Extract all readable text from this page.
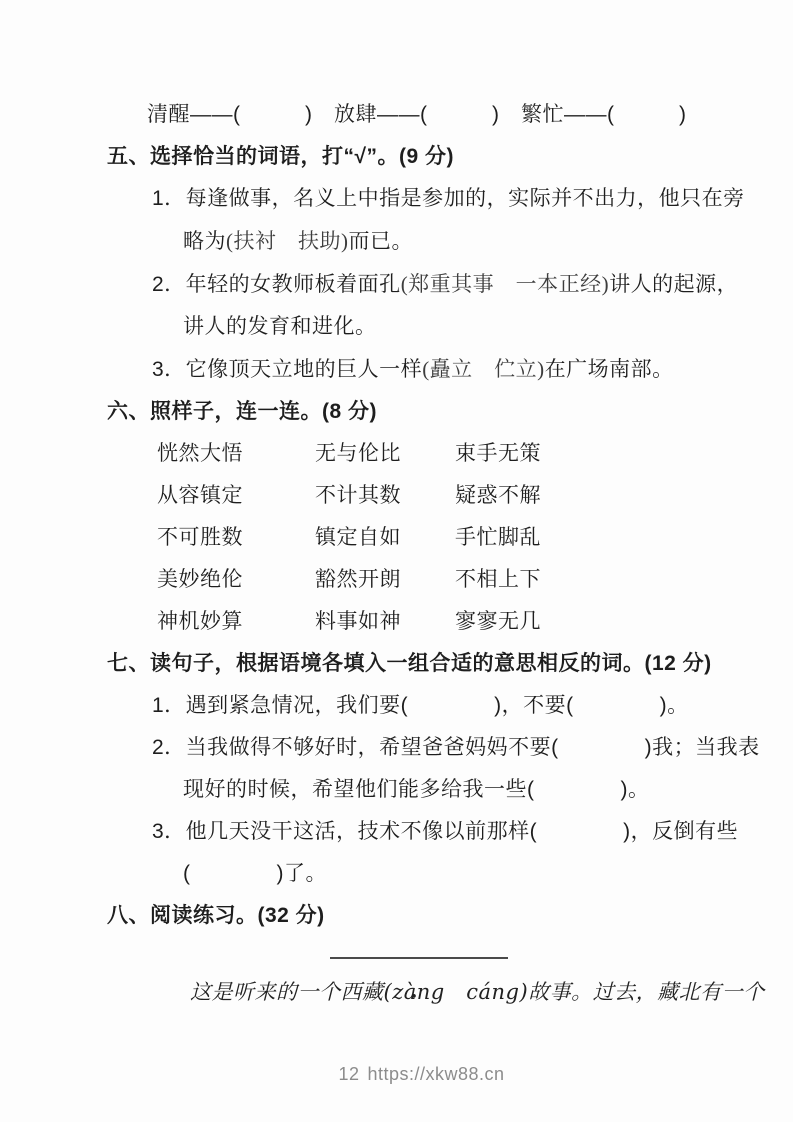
清醒——(　　　)　放肆——(　　　)　繁忙——(　　　)
五、选择恰当的词语，打“√”。(9 分)
1．每逢做事，名义上中指是参加的，实际并不出力，他只在旁
略为(扶衬　扶助)而已。
2．年轻的女教师板着面孔(郑重其事　一本正经)讲人的起源，
讲人的发育和进化。
3．它像顶天立地的巨人一样(矗立　伫立)在广场南部。
六、照样子，连一连。(8 分)
恍然大悟	无与伦比	束手无策
从容镇定	不计其数	疑惑不解
不可胜数	镇定自如	手忙脚乱
美妙绝伦	豁然开朗	不相上下
神机妙算	料事如神	寥寥无几
七、读句子，根据语境各填入一组合适的意思相反的词。(12 分)
1．遇到紧急情况，我们要(　　　　)，不要(　　　　)。
2．当我做得不够好时，希望爸爸妈妈不要(　　　　)我；当我表
现好的时候，希望他们能多给我一些(　　　　)。
3．他几天没干这活，技术不像以前那样(　　　　)，反倒有些
(　　　　)了。
八、阅读练习。(32 分)
这是听来的一个西藏(zàng　cáng)故事。过去，藏北有一个
12 https://xkw88.cn
